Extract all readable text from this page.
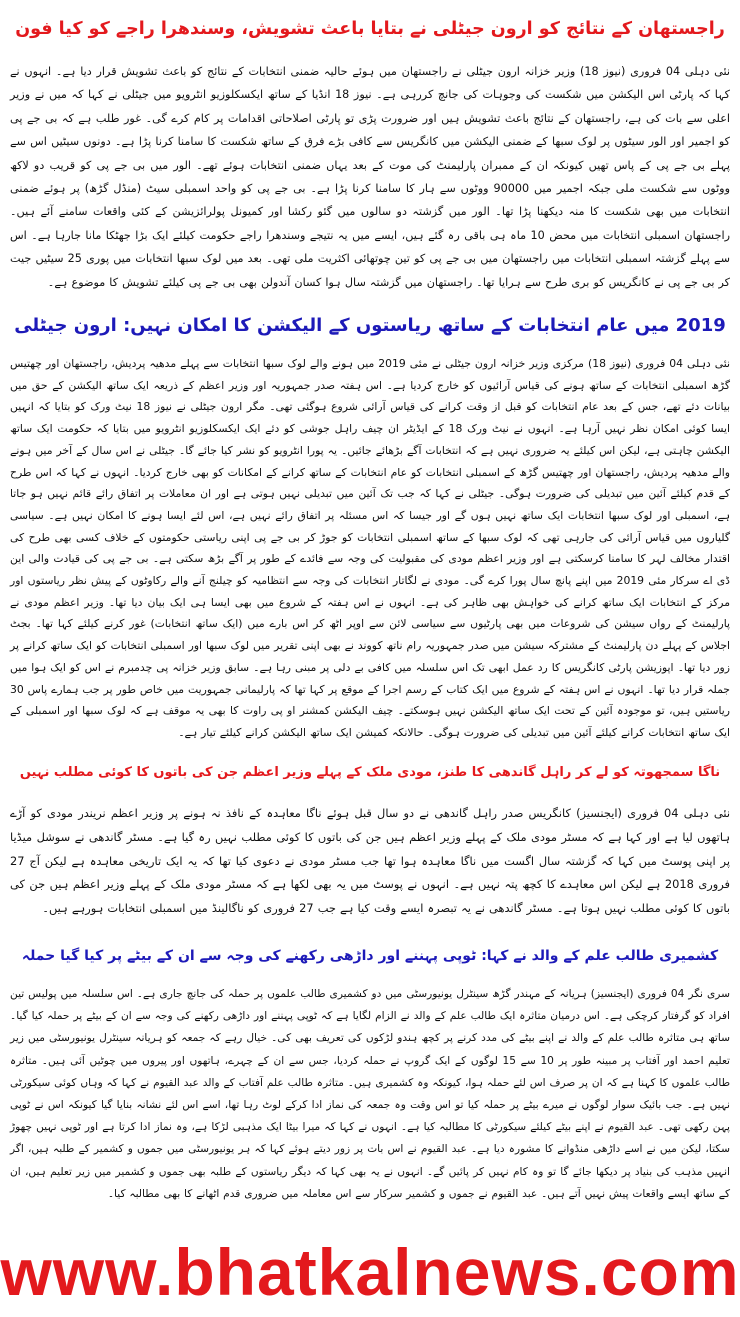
راجستھان کے نتائج کو ارون جیٹلی نے بتایا باعث تشویش، وسندھرا راجے کو کیا فون

نئی دہلی 04 فروری (نیوز 18) وزیر خزانہ ارون جیٹلی نے راجستھان میں ہوئے حالیہ ضمنی انتخابات کے نتائج کو باعث تشویش قرار دیا ہے۔ انہوں نے کہا کہ پارٹی اس الیکشن میں شکست کی وجوہات کی جانچ کررہی ہے۔ نیوز 18 انڈیا کے ساتھ ایکسکلوزیو انٹرویو میں جیٹلی نے کہا کہ میں نے وزیر اعلی سے بات کی ہے، راجستھان کے نتائج باعث تشویش ہیں اور ضرورت پڑی تو پارٹی اصلاحاتی اقدامات پر کام کرے گی۔ غور طلب ہے کہ بی جے پی کو اجمیر اور الور سیٹوں پر لوک سبھا کے ضمنی الیکشن میں کانگریس سے کافی بڑے فرق کے ساتھ شکست کا سامنا کرنا پڑا ہے۔ دونوں سیٹیں اس سے پہلے بی جے پی کے پاس تھیں کیونکہ ان کے ممبران پارلیمنٹ کی موت کے بعد یہاں ضمنی انتخابات ہوئے تھے۔ الور میں بی جے پی کو قریب دو لاکھ ووٹوں سے شکست ملی جبکہ اجمیر میں 90000 ووٹوں سے ہار کا سامنا کرنا پڑا ہے۔ بی جے پی کو واحد اسمبلی سیٹ (منڈل گڑھ) پر ہوئے ضمنی انتخابات میں بھی شکست کا منہ دیکھنا پڑا تھا۔ الور میں گزشتہ دو سالوں میں گئو رکشا اور کمیونل پولرائزیشن کے کئی واقعات سامنے آئے ہیں۔ راجستھان اسمبلی انتخابات میں محض 10 ماہ ہی باقی رہ گئے ہیں، ایسے میں یہ نتیجے وسندھرا راجے حکومت کیلئے ایک بڑا جھٹکا مانا جارہا ہے۔ اس سے پہلے گزشتہ اسمبلی انتخابات میں راجستھان میں بی جے پی کو تین چوتھائی اکثریت ملی تھی۔ بعد میں لوک سبھا انتخابات میں پوری 25 سیٹیں جیت کر بی جے پی نے کانگریس کو بری طرح سے ہرایا تھا۔ راجستھان میں گزشتہ سال ہوا کسان آندولن بھی بی جے پی کیلئے تشویش کا موضوع ہے۔

2019 میں عام انتخابات کے ساتھ ریاستوں کے الیکشن کا امکان نہیں: ارون جیٹلی

نئی دہلی 04 فروری (نیوز 18) مرکزی وزیر خزانہ ارون جیٹلی نے مئی 2019 میں ہونے والے لوک سبھا انتخابات سے پہلے مدھیہ پردیش، راجستھان اور چھتیس گڑھ اسمبلی انتخابات کے ساتھ ہونے کی قیاس آرائیوں کو خارج کردیا ہے۔ اس ہفتہ صدر جمہوریہ اور وزیر اعظم کے ذریعہ ایک ساتھ الیکشن کے حق میں بیانات دئے تھے، جس کے بعد عام انتخابات کو قبل از وقت کرانے کی قیاس آرائی شروع ہوگئی تھی۔ مگر ارون جیٹلی نے نیوز 18 نیٹ ورک کو بتایا کہ انہیں ایسا کوئی امکان نظر نہیں آرہا ہے۔ انہوں نے نیٹ ورک 18 کے ایڈیٹر ان چیف راہل جوشی کو دئے ایک ایکسکلوزیو انٹرویو میں بتایا کہ حکومت ایک ساتھ الیکشن چاہتی ہے، لیکن اس کیلئے یہ ضروری نہیں ہے کہ انتخابات آگے بڑھائے جائیں۔ یہ پورا انٹرویو کو نشر کیا جائے گا۔ جیٹلی نے اس سال کے آخر میں ہونے والے مدھیہ پردیش، راجستھان اور چھتیس گڑھ کے اسمبلی انتخابات کو عام انتخابات کے ساتھ کرانے کے امکانات کو بھی خارج کردیا۔ انہوں نے کہا کہ اس طرح کے قدم کیلئے آئین میں تبدیلی کی ضرورت ہوگی۔ جیٹلی نے کہا کہ جب تک آئین میں تبدیلی نہیں ہوتی ہے اور ان معاملات پر اتفاق رائے قائم نہیں ہو جاتا ہے، اسمبلی اور لوک سبھا انتخابات ایک ساتھ نہیں ہوں گے اور جیسا کہ اس مسئلہ پر اتفاق رائے نہیں ہے، اس لئے ایسا ہونے کا امکان نہیں ہے۔ سیاسی گلیاروں میں قیاس آرائی کی جارہی تھی کہ لوک سبھا کے ساتھ اسمبلی انتخابات کو جوڑ کر بی جے پی اپنی ریاستی حکومتوں کے خلاف کسی بھی طرح کی اقتدار مخالف لہر کا سامنا کرسکتی ہے اور وزیر اعظم مودی کی مقبولیت کی وجہ سے فائدے کے طور پر آگے بڑھ سکتی ہے۔ بی جے پی کی قیادت والی این ڈی اے سرکار مئی 2019 میں اپنے پانچ سال پورا کرے گی۔ مودی نے لگاتار انتخابات کی وجہ سے انتظامیہ کو چیلنج آنے والے رکاوٹوں کے پیش نظر ریاستوں اور مرکز کے انتخابات ایک ساتھ کرانے کی خواہش بھی ظاہر کی ہے۔ انہوں نے اس ہفتہ کے شروع میں بھی ایسا ہی ایک بیان دیا تھا۔ وزیر اعظم مودی نے پارلیمنٹ کے رواں سیشن کی شروعات میں بھی پارٹیوں سے سیاسی لائن سے اوپر اٹھ کر اس بارے میں (ایک ساتھ انتخابات) غور کرنے کیلئے کہا تھا۔ بجٹ اجلاس کے پہلے دن پارلیمنٹ کے مشترکہ سیشن میں صدر جمہوریہ رام ناتھ کووند نے بھی اپنی تقریر میں لوک سبھا اور اسمبلی انتخابات کو ایک ساتھ کرانے پر زور دیا تھا۔ اپوزیشن پارٹی کانگریس کا رد عمل ابھی تک اس سلسلہ میں کافی بے دلی پر مبنی رہا ہے۔ سابق وزیر خزانہ پی چدمبرم نے اس کو ایک ہوا میں جملہ قرار دیا تھا۔ انہوں نے اس ہفتہ کے شروع میں ایک کتاب کے رسم اجرا کے موقع پر کہا تھا کہ پارلیمانی جمہوریت میں خاص طور پر جب ہمارے پاس 30 ریاستیں ہیں، تو موجودہ آئین کے تحت ایک ساتھ الیکشن نہیں ہوسکتے۔ چیف الیکشن کمشنر او پی راوت کا بھی یہ موقف ہے کہ لوک سبھا اور اسمبلی کے ایک ساتھ انتخابات کرانے کیلئے آئین میں تبدیلی کی ضرورت ہوگی۔ حالانکہ کمیشن ایک ساتھ الیکشن کرانے کیلئے تیار ہے۔

ناگا سمجھوتہ کو لے کر راہل گاندھی کا طنز، مودی ملک کے پہلے وزیر اعظم جن کی باتوں کا کوئی مطلب نہیں

نئی دہلی 04 فروری (ایجنسیز) کانگریس صدر راہل گاندھی نے دو سال قبل ہوئے ناگا معاہدہ کے نافذ نہ ہونے پر وزیر اعظم نریندر مودی کو آڑے ہاتھوں لیا ہے اور کہا ہے کہ مسٹر مودی ملک کے پہلے وزیر اعظم ہیں جن کی باتوں کا کوئی مطلب نہیں رہ گیا ہے۔ مسٹر گاندھی نے سوشل میڈیا پر اپنی پوسٹ میں کہا کہ گزشتہ سال اگست میں ناگا معاہدہ ہوا تھا جب مسٹر مودی نے دعوی کیا تھا کہ یہ ایک تاریخی معاہدہ ہے لیکن آج 27 فروری 2018 ہے لیکن اس معاہدے کا کچھ پتہ نہیں ہے۔ انہوں نے پوسٹ میں یہ بھی لکھا ہے کہ مسٹر مودی ملک کے پہلے وزیر اعظم ہیں جن کی باتوں کا کوئی مطلب نہیں ہوتا ہے۔ مسٹر گاندھی نے یہ تبصرہ ایسے وقت کیا ہے جب 27 فروری کو ناگالینڈ میں اسمبلی انتخابات ہورہے ہیں۔

کشمیری طالب علم کے والد نے کہا: ٹوپی پہننے اور داڑھی رکھنے کی وجہ سے ان کے بیٹے پر کیا گیا حملہ

سری نگر 04 فروری (ایجنسیز) ہریانہ کے مہندر گڑھ سینٹرل یونیورسٹی میں دو کشمیری طالب علموں پر حملہ کی جانچ جاری ہے۔ اس سلسلہ میں پولیس تین افراد کو گرفتار کرچکی ہے۔ اس درمیان متاثرہ ایک طالب علم کے والد نے الزام لگایا ہے کہ ٹوپی پہننے اور داڑھی رکھنے کی وجہ سے ان کے بیٹے پر حملہ کیا گیا۔ ساتھ ہی متاثرہ طالب علم کے والد نے اپنے بیٹے کی مدد کرنے پر کچھ ہندو لڑکوں کی تعریف بھی کی۔ خیال رہے کہ جمعہ کو ہریانہ سینٹرل یونیورسٹی میں زیر تعلیم احمد اور آفتاب پر مبینہ طور پر 10 سے 15 لوگوں کے ایک گروپ نے حملہ کردیا، جس سے ان کے چہرے، ہاتھوں اور پیروں میں چوٹیں آئی ہیں۔ متاثرہ طالب علموں کا کہنا ہے کہ ان پر صرف اس لئے حملہ ہوا، کیونکہ وہ کشمیری ہیں۔ متاثرہ طالب علم آفتاب کے والد عبد القیوم نے کہا کہ وہاں کوئی سیکورٹی نہیں ہے۔ جب بائیک سوار لوگوں نے میرے بیٹے پر حملہ کیا تو اس وقت وہ جمعہ کی نماز ادا کرکے لوٹ رہا تھا، اسے اس لئے نشانہ بنایا گیا کیونکہ اس نے ٹوپی پہن رکھی تھی۔ عبد القیوم نے اپنے بیٹے کیلئے سیکورٹی کا مطالبہ کیا ہے۔ انہوں نے کہا کہ میرا بیٹا ایک مذہبی لڑکا ہے، وہ نماز ادا کرتا ہے اور ٹوپی نہیں چھوڑ سکتا، لیکن میں نے اسے داڑھی منڈوانے کا مشورہ دیا ہے۔ عبد القیوم نے اس بات پر زور دیتے ہوئے کہا کہ ہر یونیورسٹی میں جموں و کشمیر کے طلبہ ہیں، اگر انہیں مذہب کی بنیاد پر دیکھا جائے گا تو وہ کام نہیں کر پائیں گے۔ انہوں نے یہ بھی کہا کہ دیگر ریاستوں کے طلبہ بھی جموں و کشمیر میں زیر تعلیم ہیں، ان کے ساتھ ایسے واقعات پیش نہیں آتے ہیں۔ عبد القیوم نے جموں و کشمیر سرکار سے اس معاملہ میں ضروری قدم اٹھانے کا بھی مطالبہ کیا۔

www.bhatkalnews.com
